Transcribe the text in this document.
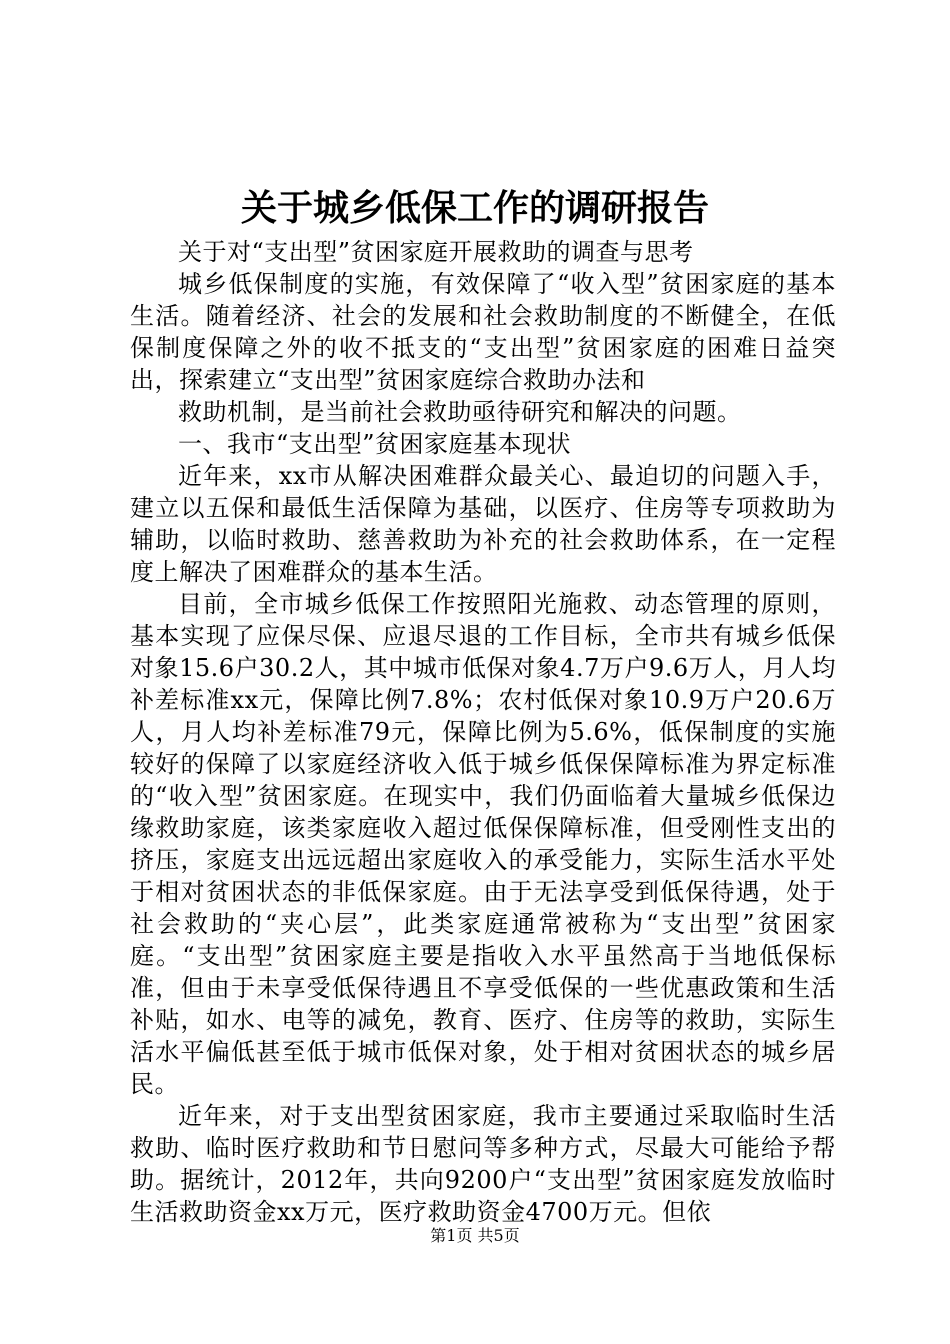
关于城乡低保工作的调研报告

关于对“支出型”贫困家庭开展救助的调查与思考

城乡低保制度的实施，有效保障了“收入型”贫困家庭的基本生活。随着经济、社会的发展和社会救助制度的不断健全，在低保制度保障之外的收不抵支的“支出型”贫困家庭的困难日益突出，探索建立“支出型”贫困家庭综合救助办法和

救助机制，是当前社会救助亟待研究和解决的问题。

一、我市“支出型”贫困家庭基本现状

近年来，xx市从解决困难群众最关心、最迫切的问题入手，建立以五保和最低生活保障为基础，以医疗、住房等专项救助为辅助，以临时救助、慈善救助为补充的社会救助体系，在一定程度上解决了困难群众的基本生活。

目前，全市城乡低保工作按照阳光施救、动态管理的原则，基本实现了应保尽保、应退尽退的工作目标，全市共有城乡低保对象15.6户30.2人，其中城市低保对象4.7万户9.6万人，月人均补差标准xx元，保障比例7.8%；农村低保对象10.9万户20.6万人，月人均补差标准79元，保障比例为5.6%，低保制度的实施较好的保障了以家庭经济收入低于城乡低保保障标准为界定标准的“收入型”贫困家庭。在现实中，我们仍面临着大量城乡低保边缘救助家庭，该类家庭收入超过低保保障标准，但受刚性支出的挤压，家庭支出远远超出家庭收入的承受能力，实际生活水平处于相对贫困状态的非低保家庭。由于无法享受到低保待遇，处于社会救助的“夹心层”，此类家庭通常被称为“支出型”贫困家庭。“支出型”贫困家庭主要是指收入水平虽然高于当地低保标准，但由于未享受低保待遇且不享受低保的一些优惠政策和生活补贴，如水、电等的减免，教育、医疗、住房等的救助，实际生活水平偏低甚至低于城市低保对象，处于相对贫困状态的城乡居民。

近年来，对于支出型贫困家庭，我市主要通过采取临时生活救助、临时医疗救助和节日慰问等多种方式，尽最大可能给予帮助。据统计，2012年，共向9200户“支出型”贫困家庭发放临时生活救助资金xx万元，医疗救助资金4700万元。但依

第1页 共5页
